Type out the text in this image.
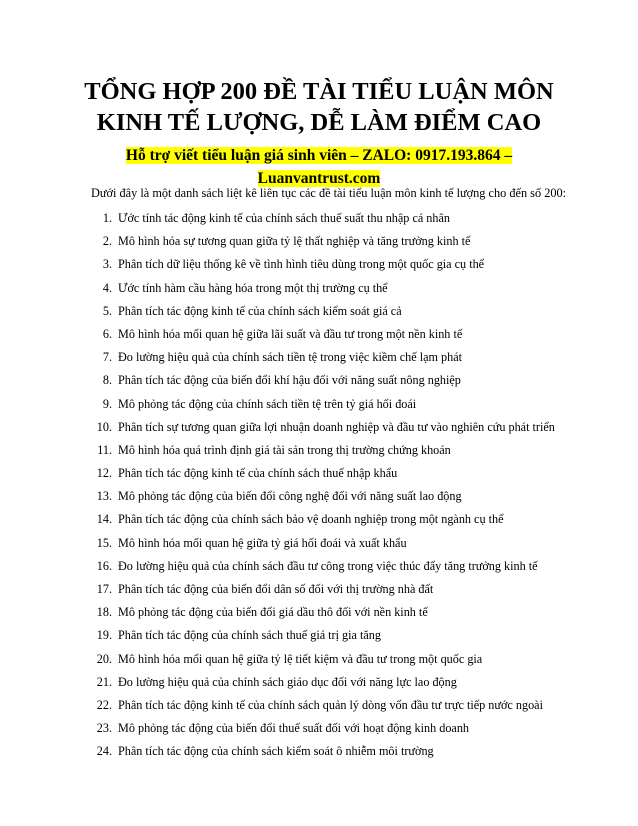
TỔNG HỢP 200 ĐỀ TÀI TIỂU LUẬN MÔN
KINH TẾ LƯỢNG, DỄ LÀM ĐIỂM CAO
Hỗ trợ viết tiểu luận giá sinh viên – ZALO: 0917.193.864 –
Luanvantrust.com
Dưới đây là một danh sách liệt kê liên tục các đề tài tiểu luận môn kinh tế lượng cho đến số 200:
1. Ước tính tác động kinh tế của chính sách thuế suất thu nhập cá nhân
2. Mô hình hóa sự tương quan giữa tỷ lệ thất nghiệp và tăng trưởng kinh tế
3. Phân tích dữ liệu thống kê về tình hình tiêu dùng trong một quốc gia cụ thể
4. Ước tính hàm cầu hàng hóa trong một thị trường cụ thể
5. Phân tích tác động kinh tế của chính sách kiểm soát giá cả
6. Mô hình hóa mối quan hệ giữa lãi suất và đầu tư trong một nền kinh tế
7. Đo lường hiệu quả của chính sách tiền tệ trong việc kiềm chế lạm phát
8. Phân tích tác động của biến đổi khí hậu đối với năng suất nông nghiệp
9. Mô phỏng tác động của chính sách tiền tệ trên tỷ giá hối đoái
10. Phân tích sự tương quan giữa lợi nhuận doanh nghiệp và đầu tư vào nghiên cứu phát triển
11. Mô hình hóa quá trình định giá tài sản trong thị trường chứng khoán
12. Phân tích tác động kinh tế của chính sách thuế nhập khẩu
13. Mô phỏng tác động của biến đổi công nghệ đối với năng suất lao động
14. Phân tích tác động của chính sách bảo vệ doanh nghiệp trong một ngành cụ thể
15. Mô hình hóa mối quan hệ giữa tỷ giá hối đoái và xuất khẩu
16. Đo lường hiệu quả của chính sách đầu tư công trong việc thúc đẩy tăng trưởng kinh tế
17. Phân tích tác động của biến đổi dân số đối với thị trường nhà đất
18. Mô phỏng tác động của biến đổi giá dầu thô đối với nền kinh tế
19. Phân tích tác động của chính sách thuế giá trị gia tăng
20. Mô hình hóa mối quan hệ giữa tỷ lệ tiết kiệm và đầu tư trong một quốc gia
21. Đo lường hiệu quả của chính sách giáo dục đối với năng lực lao động
22. Phân tích tác động kinh tế của chính sách quản lý dòng vốn đầu tư trực tiếp nước ngoài
23. Mô phỏng tác động của biến đổi thuế suất đối với hoạt động kinh doanh
24. Phân tích tác động của chính sách kiểm soát ô nhiễm môi trường
